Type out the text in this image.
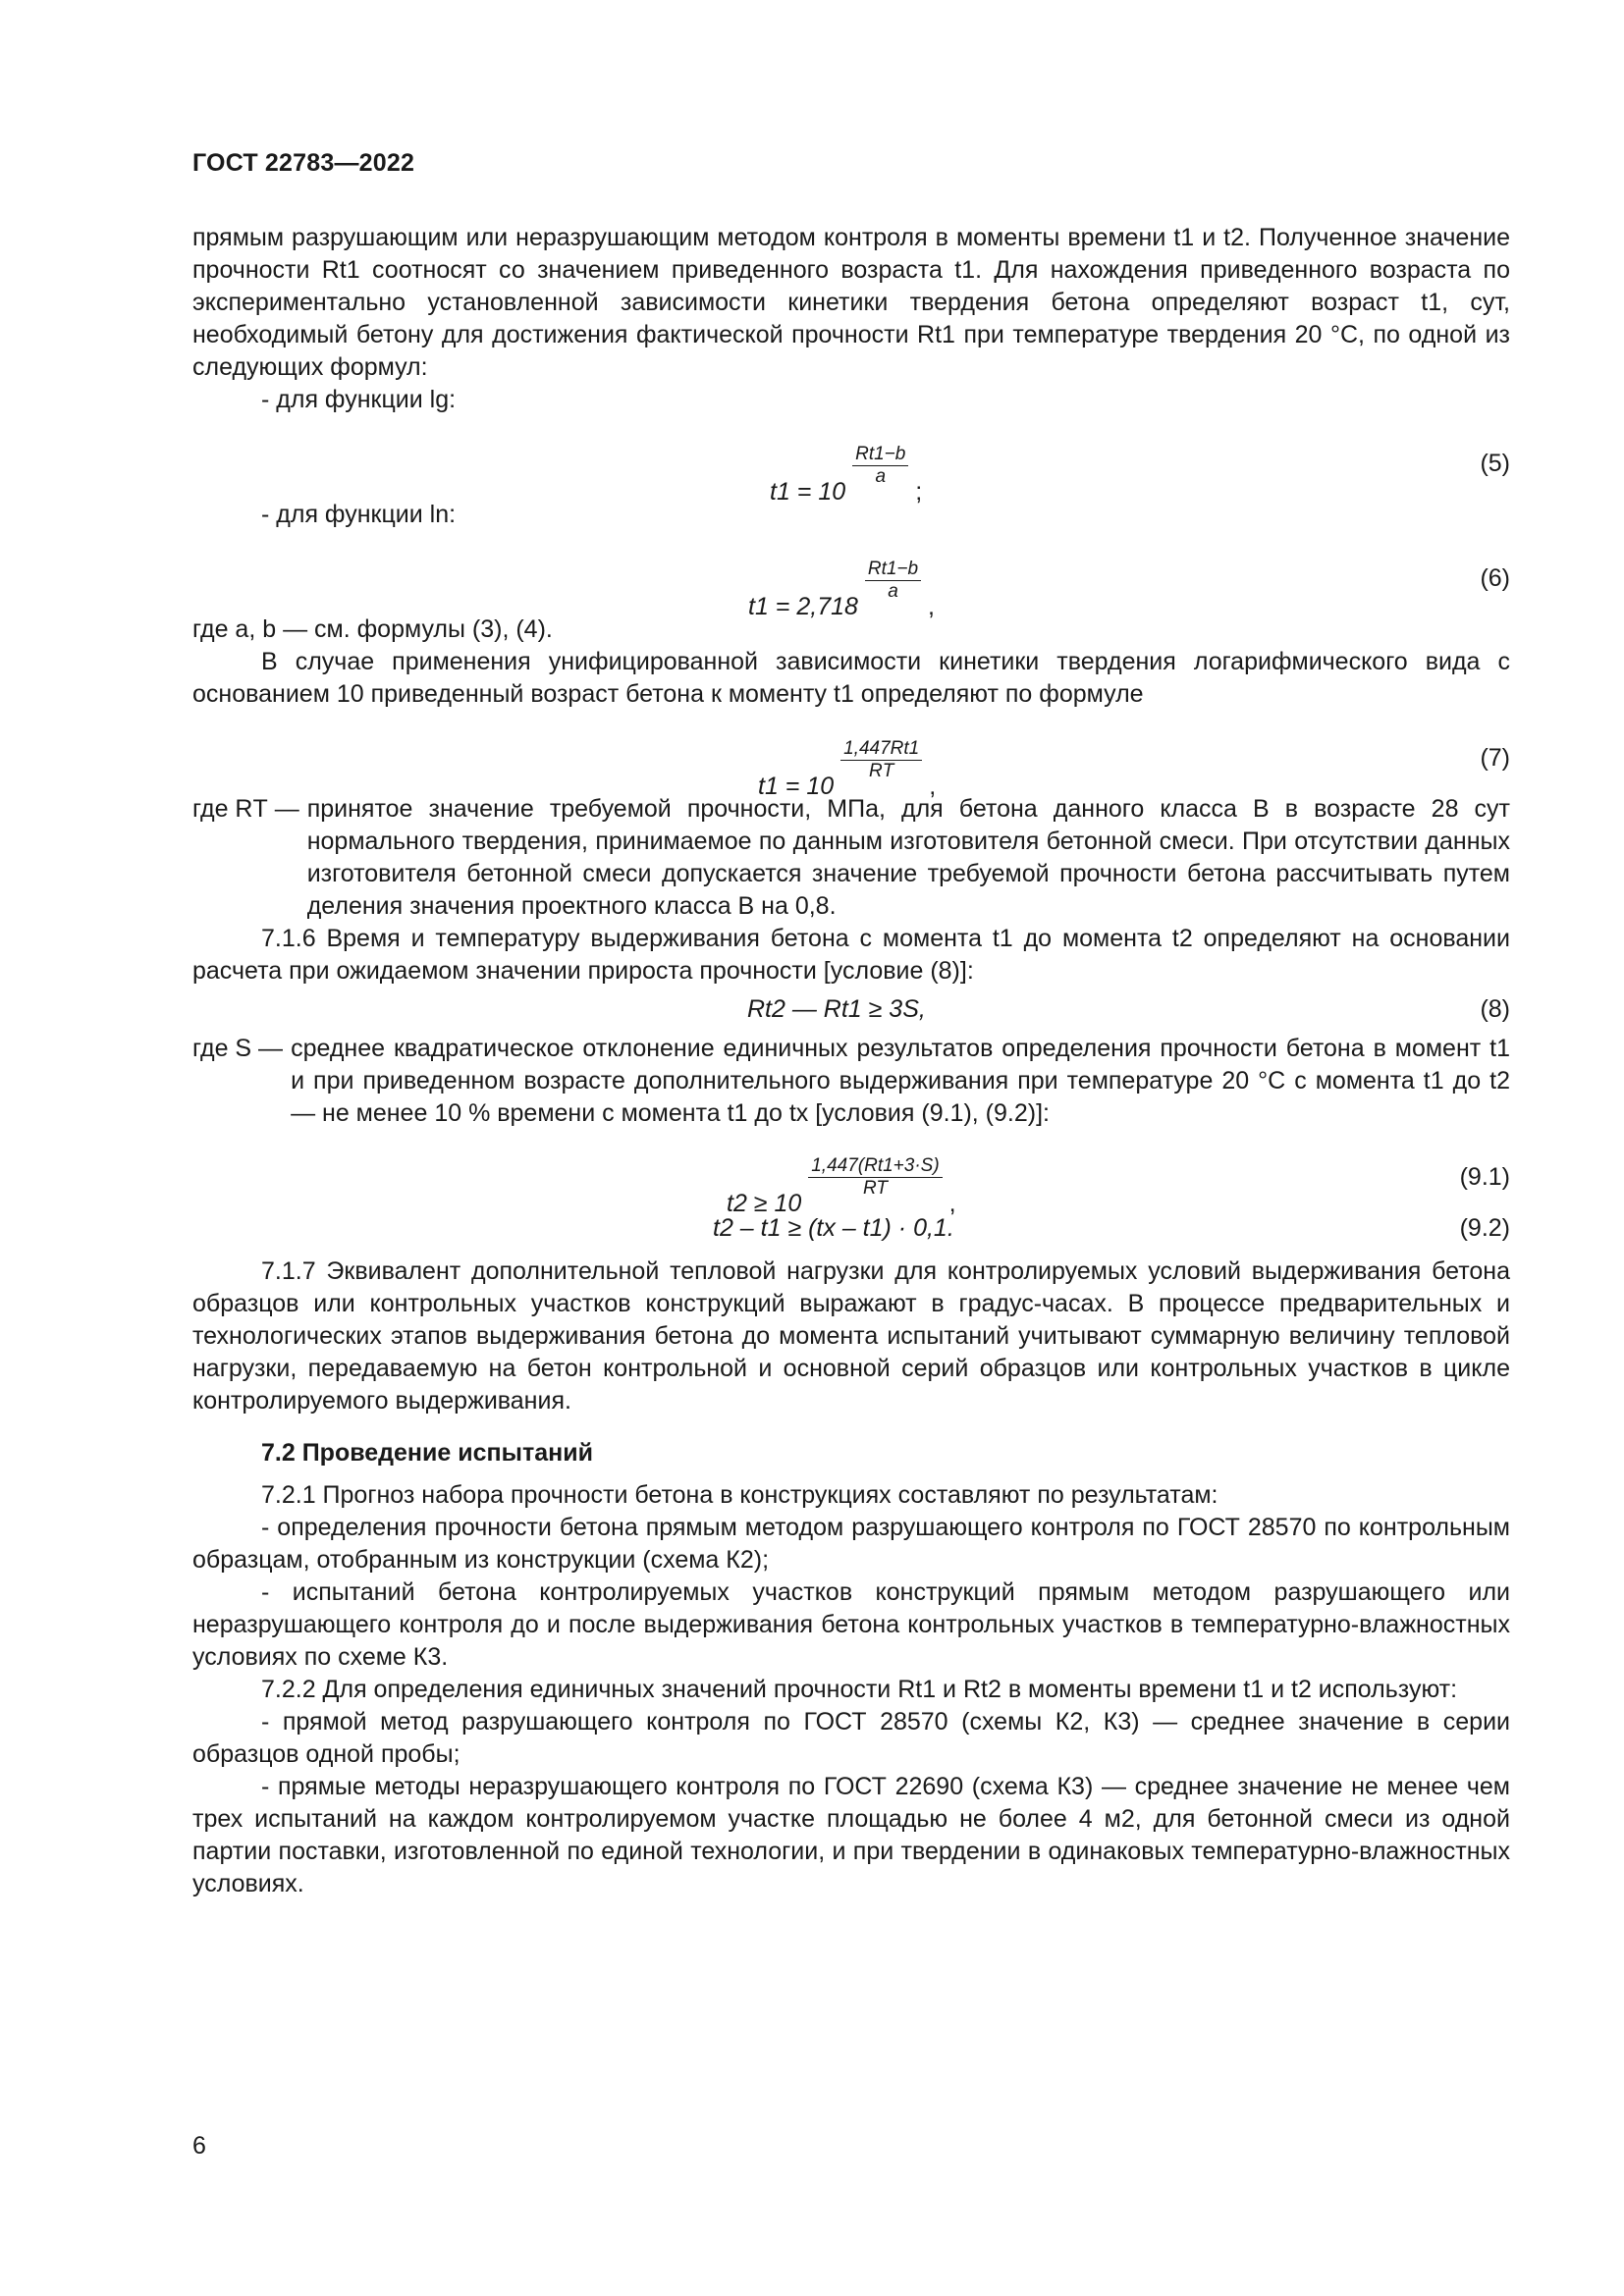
ГОСТ 22783—2022

прямым разрушающим или неразрушающим методом контроля в моменты времени t1 и t2. Полученное значение прочности Rt1 соотносят со значением приведенного возраста t1. Для нахождения приведенного возраста по экспериментально установленной зависимости кинетики твердения бетона определяют возраст t1, сут, необходимый бетону для достижения фактической прочности Rt1 при температуре твердения 20 °С, по одной из следующих формул:

- для функции lg:

t1 = 10
$\frac{Rt1-b}{a}$
;
(5)

- для функции ln:

t1 = 2,718
$\frac{Rt1-b}{a}$
,
(6)

где a, b — см. формулы (3), (4).

В случае применения унифицированной зависимости кинетики твердения логарифмического вида с основанием 10 приведенный возраст бетона к моменту t1 определяют по формуле

t1 = 10
$\frac{1,447Rt1}{RТ}$
,
(7)
где RТ — принятое значение требуемой прочности, МПа, для бетона данного класса В в возрасте 28 сут нормального твердения, принимаемое по данным изготовителя бетонной смеси. При отсутствии данных изготовителя бетонной смеси допускается значение требуемой прочности бетона рассчитывать путем деления значения проектного класса В на 0,8.

7.1.6 Время и температуру выдерживания бетона с момента t1 до момента t2 определяют на основании расчета при ожидаемом значении прироста прочности [условие (8)]:

Rt2 — Rt1 ≥ 3S,	(8)
где S — среднее квадратическое отклонение единичных результатов определения прочности бетона в момент t1 и при приведенном возрасте дополнительного выдерживания при температуре 20 °С с момента t1 до t2 — не менее 10 % времени с момента t1 до tx [условия (9.1), (9.2)]:
t2 ≥ 10
$\frac{1,447(Rt1+3\cdot S)}{RT}$
,
(9.1)
t2 – t1 ≥ (tx – t1) · 0,1.	(9.2)

7.1.7 Эквивалент дополнительной тепловой нагрузки для контролируемых условий выдерживания бетона образцов или контрольных участков конструкций выражают в градус-часах. В процессе предварительных и технологических этапов выдерживания бетона до момента испытаний учитывают суммарную величину тепловой нагрузки, передаваемую на бетон контрольной и основной серий образцов или контрольных участков в цикле контролируемого выдерживания.

7.2 Проведение испытаний

7.2.1 Прогноз набора прочности бетона в конструкциях составляют по результатам:

- определения прочности бетона прямым методом разрушающего контроля по ГОСТ 28570 по контрольным образцам, отобранным из конструкции (схема К2);

- испытаний бетона контролируемых участков конструкций прямым методом разрушающего или неразрушающего контроля до и после выдерживания бетона контрольных участков в температурно-влажностных условиях по схеме К3.

7.2.2 Для определения единичных значений прочности Rt1 и Rt2 в моменты времени t1 и t2 используют:

- прямой метод разрушающего контроля по ГОСТ 28570 (схемы К2, К3) — среднее значение в серии образцов одной пробы;

- прямые методы неразрушающего контроля по ГОСТ 22690 (схема К3) — среднее значение не менее чем трех испытаний на каждом контролируемом участке площадью не более 4 м2, для бетонной смеси из одной партии поставки, изготовленной по единой технологии, и при твердении в одинаковых температурно-влажностных условиях.

6
